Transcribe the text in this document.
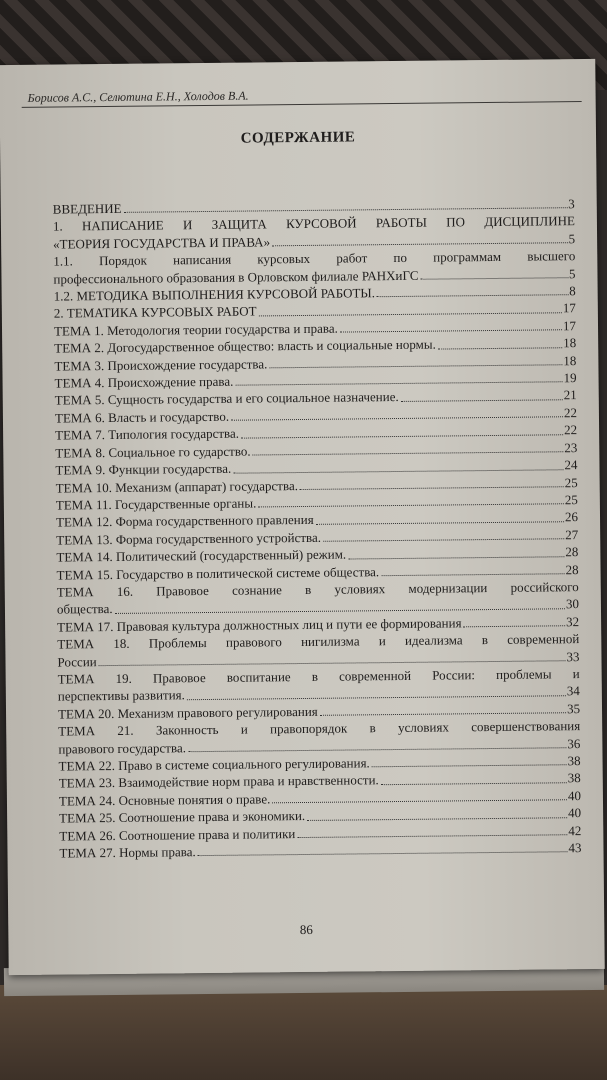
Борисов А.С., Селютина Е.Н., Холодов В.А.
СОДЕРЖАНИЕ
ВВЕДЕНИЕ	3
1. НАПИСАНИЕ И ЗАЩИТА КУРСОВОЙ РАБОТЫ ПО ДИСЦИПЛИНЕ
«ТЕОРИЯ ГОСУДАРСТВА И ПРАВА»	5
1.1. Порядок написания курсовых работ по программам высшего
профессионального образования в Орловском филиале РАНХиГС	5
1.2. МЕТОДИКА ВЫПОЛНЕНИЯ КУРСОВОЙ РАБОТЫ.	8
2. ТЕМАТИКА КУРСОВЫХ РАБОТ	17
ТЕМА 1. Методология теории государства и права.	17
ТЕМА 2. Догосударственное общество: власть и социальные нормы.	18
ТЕМА 3. Происхождение государства.	18
ТЕМА 4. Происхождение права.	19
ТЕМА 5. Сущность государства и его социальное назначение.	21
ТЕМА 6. Власть и государство.	22
ТЕМА 7. Типология государства.	22
ТЕМА 8. Социальное го сударство.	23
ТЕМА 9. Функции государства.	24
ТЕМА 10. Механизм (аппарат) государства.	25
ТЕМА 11. Государственные органы.	25
ТЕМА 12. Форма государственного правления	26
ТЕМА 13. Форма государственного устройства.	27
ТЕМА 14. Политический (государственный) режим.	28
ТЕМА 15. Государство в политической системе общества.	28
ТЕМА 16. Правовое сознание в условиях модернизации российского
общества.	30
ТЕМА 17. Правовая культура должностных лиц и пути ее формирования	32
ТЕМА 18. Проблемы правового нигилизма и идеализма в современной
России	33
ТЕМА 19. Правовое воспитание в современной России: проблемы и
перспективы развития.	34
ТЕМА 20. Механизм правового регулирования	35
ТЕМА 21. Законность и правопорядок в условиях совершенствования
правового государства.	36
ТЕМА 22. Право в системе социального регулирования.	38
ТЕМА 23. Взаимодействие норм права и нравственности.	38
ТЕМА 24. Основные понятия о праве.	40
ТЕМА 25. Соотношение права и экономики.	40
ТЕМА 26. Соотношение права и политики	42
ТЕМА 27. Нормы права.	43
86
